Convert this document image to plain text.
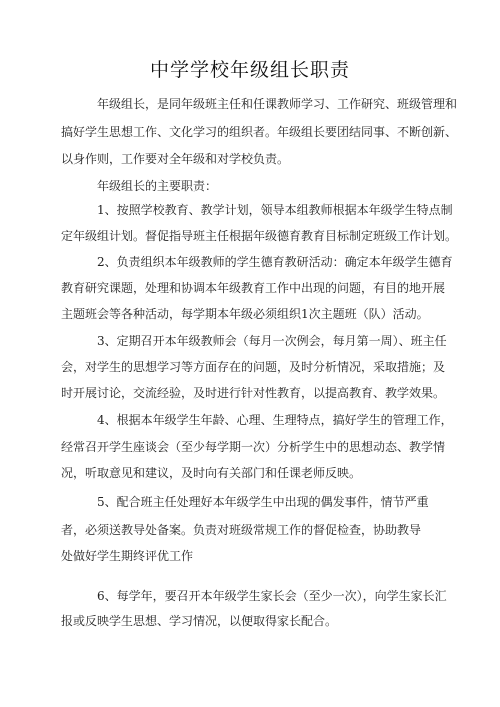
中学学校年级组长职责
年级组长，是同年级班主任和任课教师学习、工作研究、班级管理和
搞好学生思想工作、文化学习的组织者。年级组长要团结同事、不断创新、
以身作则，工作要对全年级和对学校负责。
年级组长的主要职责：
1、按照学校教育、教学计划，领导本组教师根据本年级学生特点制
定年级组计划。督促指导班主任根据年级德育教育目标制定班级工作计划。
2、负责组织本年级教师的学生德育教研活动：确定本年级学生德育
教育研究课题，处理和协调本年级教育工作中出现的问题，有目的地开展
主题班会等各种活动，每学期本年级必须组织1次主题班（队）活动。
3、定期召开本年级教师会（每月一次例会，每月第一周）、班主任
会，对学生的思想学习等方面存在的问题，及时分析情况，采取措施；及
时开展讨论，交流经验，及时进行针对性教育，以提高教育、教学效果。
4、根据本年级学生年龄、心理、生理特点，搞好学生的管理工作，
经常召开学生座谈会（至少每学期一次）分析学生中的思想动态、教学情
况，听取意见和建议，及时向有关部门和任课老师反映。
5、配合班主任处理好本年级学生中出现的偶发事件，情节严重
者，必须送教导处备案。负责对班级常规工作的督促检查，协助教导
处做好学生期终评优工作
6、每学年，要召开本年级学生家长会（至少一次），向学生家长汇
报或反映学生思想、学习情况，以便取得家长配合。
